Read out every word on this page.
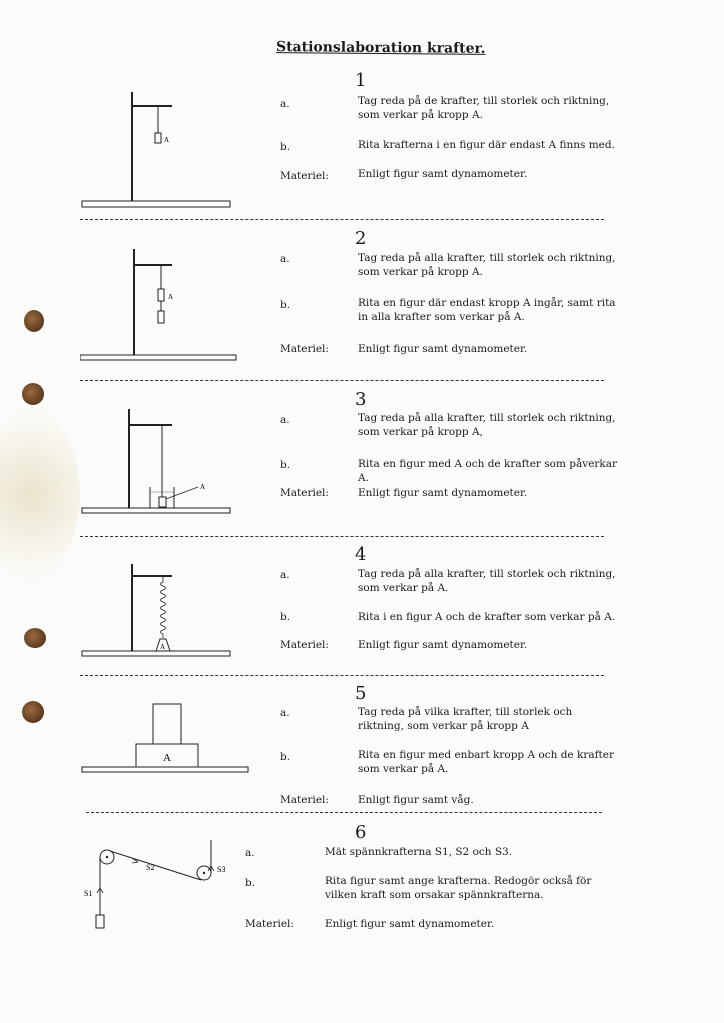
Stationslaboration krafter.
1
a.	Tag reda på de krafter, till storlek och riktning, som verkar på kropp A.
b.	Rita krafterna i en figur där endast A finns med.
Materiel:	Enligt figur samt dynamometer.
A
2
a.	Tag reda på alla krafter, till storlek och riktning, som verkar på kropp A.
b.	Rita en figur där endast kropp A ingår, samt rita in alla krafter som verkar på A.
Materiel:	Enligt figur samt dynamometer.
A
3
a.	Tag reda på alla krafter, till storlek och riktning, som verkar på kropp A,
b.	Rita en figur med A och de krafter som påverkar A.
Materiel:	Enligt figur samt dynamometer.
A
4
a.	Tag reda på alla krafter, till storlek och riktning, som verkar på A.
b.	Rita i en figur A och de krafter som verkar på A.
Materiel:	Enligt figur samt dynamometer.
A
5
a.	Tag reda på vilka krafter, till storlek och riktning, som verkar på kropp A
b.	Rita en figur med enbart kropp A och de krafter som verkar på A.
Materiel:	Enligt figur samt våg.
A
6
a.	Mät spännkrafterna S1, S2 och S3.
b.	Rita figur samt ange krafterna. Redogör också för vilken kraft som orsakar spännkrafterna.
Materiel:	Enligt figur samt dynamometer.
S1
S2	S3
